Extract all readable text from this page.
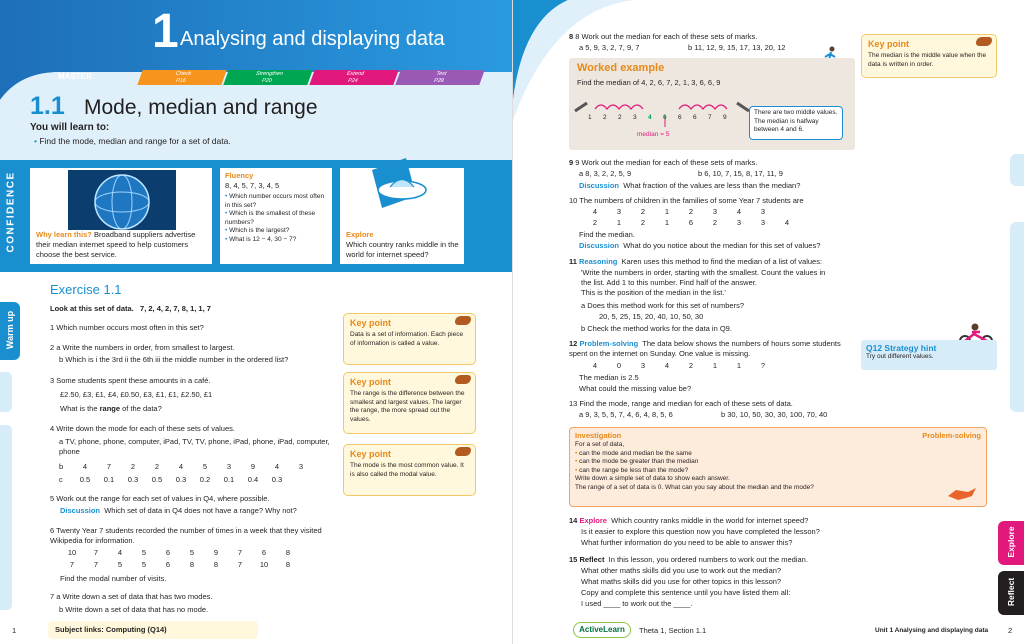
1 Analysing and displaying data
MASTER	Check
P16
Strengthen
P20
Extend
P24
Test
P28
1.1 Mode, median and range
You will learn to:
• Find the mode, median and range for a set of data.
CONFIDENCE	Why learn this? Broadband suppliers advertise their median internet speed to help customers choose the best service.
Fluency
8, 4, 5, 7, 3, 4, 5
• Which number occurs most often in this set?
• Which is the smallest of these numbers?
• Which is the largest?
• What is 12 − 4, 30 − 7?	Explore
Which country ranks middle in the world for internet speed?
Warm up
Exercise 1.1
Look at this set of data. 7, 2, 4, 2, 7, 8, 1, 1, 7
1 Which number occurs most often in this set?
2 a Write the numbers in order, from smallest to largest.
b Which is i the 3rd ii the 6th iii the middle number in the ordered list?
3 Some students spent these amounts in a café.
£2.50, £3, £1, £4, £0.50, £3, £1, £1, £2.50, £1
What is the range of the data?
4 Write down the mode for each of these sets of values.
a TV, phone, phone, computer, iPad, TV, TV, phone, iPad, phone, iPad, computer, phone
b	4	7	2	2	4	5	3	9	4	3
c	0.5	0.1	0.3	0.5	0.3	0.2	0.1	0.4	0.3
5 Work out the range for each set of values in Q4, where possible.
Discussion Which set of data in Q4 does not have a range? Why not?
6 Twenty Year 7 students recorded the number of times in a week that they visited Wikipedia for information.
10	7	4	5	6	5	9	7	6	8
7	7	5	5	6	8	8	7	10	8
Find the modal number of visits.
7 a Write down a set of data that has two modes.
b Write down a set of data that has no mode.
Key point
Data is a set of information. Each piece of information is called a value.
Key point
The range is the difference between the smallest and largest values. The larger the range, the more spread out the values.
Key point
The mode is the most common value. It is also called the modal value.
1	Subject links: Computing (Q14)
8 8 Work out the median for each of these sets of marks.
a 5, 9, 3, 2, 7, 9, 7	b 11, 12, 9, 15, 17, 13, 20, 12	Key point
The median is the middle value when the data is written in order.
Worked example
Find the median of 4, 2, 6, 7, 2, 1, 3, 6, 6, 9
1	2	2	3	4	6	6	6	7	9
median = 5
There are two middle values. The median is halfway between 4 and 6.
9 9 Work out the median for each of these sets of marks.
a 8, 3, 2, 2, 5, 9	b 6, 10, 7, 15, 8, 17, 11, 9
Discussion What fraction of the values are less than the median?
10 The numbers of children in the families of some Year 7 students are
4	3	2	1	2	3	4	3
2	1	2	1	6	2	3	3	4
Find the median.
Discussion What do you notice about the median for this set of values?
11 Reasoning Karen uses this method to find the median of a list of values:
'Write the numbers in order, starting with the smallest. Count the values in
the list. Add 1 to this number. Find half of the answer.
This is the position of the median in the list.'
a Does this method work for this set of numbers?
20, 5, 25, 15, 20, 40, 10, 50, 30
b Check the method works for the data in Q9.
12 Problem-solving The data below shows the numbers of hours some students spent on the internet on Sunday. One value is missing.
4	0	3	4	2	1	1	?
The median is 2.5
What could the missing value be?
Q12 Strategy hint
Try out different values.
13 Find the mode, range and median for each of these sets of data.
a 9, 3, 5, 5, 7, 4, 6, 4, 8, 5, 6	b 30, 10, 50, 30, 30, 100, 70, 40
Investigation	Problem-solving
For a set of data,
• can the mode and median be the same
• can the mode be greater than the median
• can the range be less than the mode?
Write down a simple set of data to show each answer.
The range of a set of data is 0. What can you say about the median and the mode?
14 Explore Which country ranks middle in the world for internet speed?
Is it easier to explore this question now you have completed the lesson?
What further information do you need to be able to answer this?
15 Reflect In this lesson, you ordered numbers to work out the median.
What other maths skills did you use to work out the median?
What maths skills did you use for other topics in this lesson?
Copy and complete this sentence until you have listed them all:
I used ____ to work out the ____.
Explore
Reflect
ActiveLearn	Theta 1, Section 1.1	Unit 1 Analysing and displaying data	2
